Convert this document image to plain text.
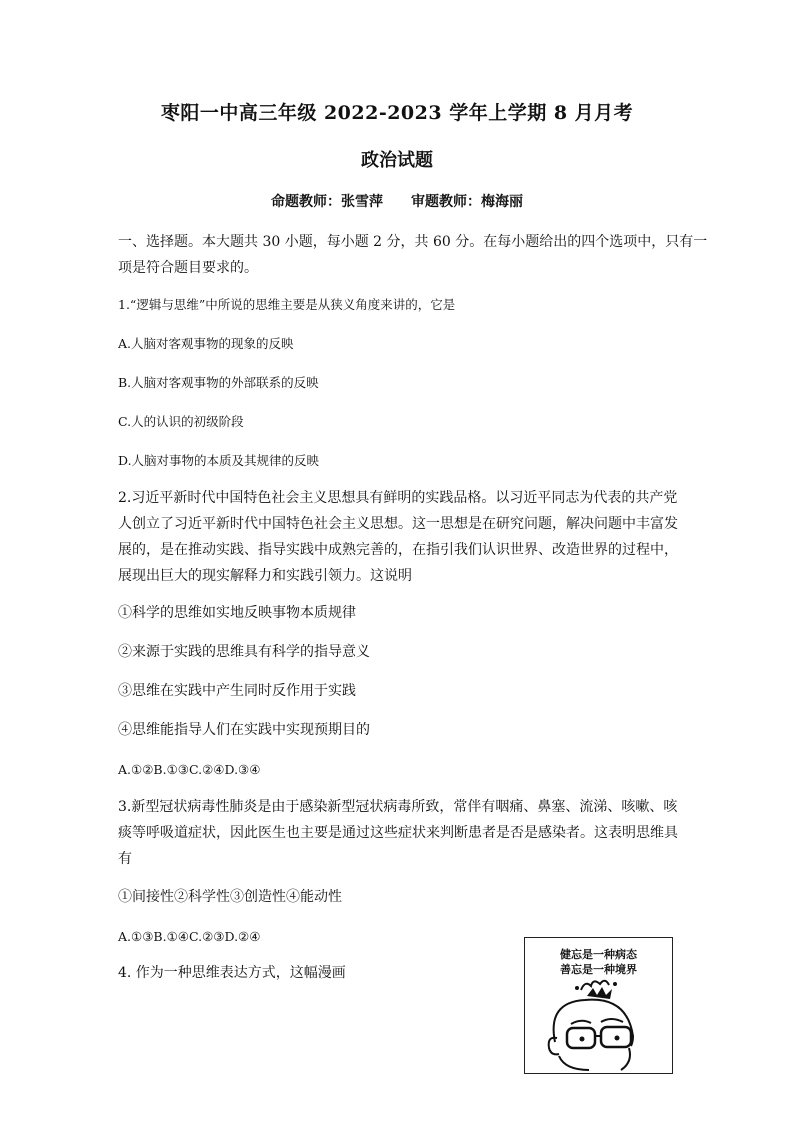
枣阳一中高三年级 2022-2023 学年上学期 8 月月考
政治试题
命题教师：张雪萍 审题教师：梅海丽
一、选择题。本大题共 30 小题，每小题 2 分，共 60 分。在每小题给出的四个选项中，只有一
项是符合题目要求的。
1.“逻辑与思维”中所说的思维主要是从狭义角度来讲的，它是
A.人脑对客观事物的现象的反映
B.人脑对客观事物的外部联系的反映
C.人的认识的初级阶段
D.人脑对事物的本质及其规律的反映
2.习近平新时代中国特色社会主义思想具有鲜明的实践品格。以习近平同志为代表的共产党
人创立了习近平新时代中国特色社会主义思想。这一思想是在研究问题，解决问题中丰富发
展的，是在推动实践、指导实践中成熟完善的，在指引我们认识世界、改造世界的过程中，
展现出巨大的现实解释力和实践引领力。这说明
①科学的思维如实地反映事物本质规律
②来源于实践的思维具有科学的指导意义
③思维在实践中产生同时反作用于实践
④思维能指导人们在实践中实现预期目的
A.①②B.①③C.②④D.③④
3.新型冠状病毒性肺炎是由于感染新型冠状病毒所致，常伴有咽痛、鼻塞、流涕、咳嗽、咳
痰等呼吸道症状，因此医生也主要是通过这些症状来判断患者是否是感染者。这表明思维具
有
①间接性②科学性③创造性④能动性
A.①③B.①④C.②③D.②④
4. 作为一种思维表达方式，这幅漫画
健忘是一种病态
善忘是一种境界
